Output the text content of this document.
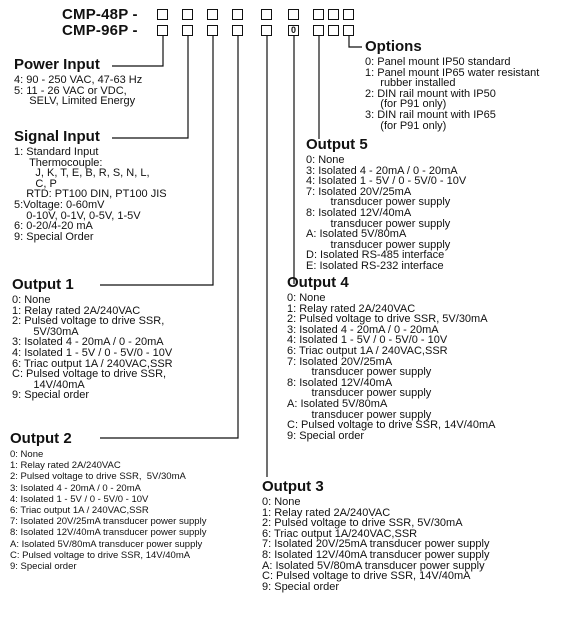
CMP-48P -
CMP-96P -	0
Options
0: Panel mount IP50 standard
1: Panel mount IP65 water resistant
rubber installed
2: DIN rail mount with IP50
(for P91 only)
3: DIN rail mount with IP65
(for P91 only)
Power Input
4: 90 - 250 VAC, 47-63 Hz
5: 11 - 26 VAC or VDC,
SELV, Limited Energy
Signal Input
1: Standard Input
Thermocouple:
J, K, T, E, B, R, S, N, L,
C, P
RTD: PT100 DIN, PT100 JIS
5:Voltage: 0-60mV
0-10V, 0-1V, 0-5V, 1-5V
6: 0-20/4-20 mA
9: Special Order
Output 5
0: None
3: Isolated 4 - 20mA / 0 - 20mA
4: Isolated 1 - 5V / 0 - 5V/0 - 10V
7: Isolated 20V/25mA
transducer power supply
8: Isolated 12V/40mA
transducer power supply
A: Isolated 5V/80mA
transducer power supply
D: Isolated RS-485 interface
E: Isolated RS-232 interface
Output 1
0: None
1: Relay rated 2A/240VAC
2: Pulsed voltage to drive SSR,
5V/30mA
3: Isolated 4 - 20mA / 0 - 20mA
4: Isolated 1 - 5V / 0 - 5V/0 - 10V
6: Triac output 1A / 240VAC,SSR
C: Pulsed voltage to drive SSR,
14V/40mA
9: Special order
Output 4
0: None
1: Relay rated 2A/240VAC
2: Pulsed voltage to drive SSR, 5V/30mA
3: Isolated 4 - 20mA / 0 - 20mA
4: Isolated 1 - 5V / 0 - 5V/0 - 10V
6: Triac output 1A / 240VAC,SSR
7: Isolated 20V/25mA
transducer power supply
8: Isolated 12V/40mA
transducer power supply
A: Isolated 5V/80mA
transducer power supply
C: Pulsed voltage to drive SSR, 14V/40mA
9: Special order
Output 2
0: None
1: Relay rated 2A/240VAC
2: Pulsed voltage to drive SSR,  5V/30mA
3: Isolated 4 - 20mA / 0 - 20mA
4: Isolated 1 - 5V / 0 - 5V/0 - 10V
6: Triac output 1A / 240VAC,SSR
7: Isolated 20V/25mA transducer power supply
8: Isolated 12V/40mA transducer power supply
A: Isolated 5V/80mA transducer power supply
C: Pulsed voltage to drive SSR, 14V/40mA
9: Special order
Output 3
0: None
1: Relay rated 2A/240VAC
2: Pulsed voltage to drive SSR, 5V/30mA
6: Triac output 1A/240VAC,SSR
7: Isolated 20V/25mA transducer power supply
8: Isolated 12V/40mA transducer power supply
A: Isolated 5V/80mA transducer power supply
C: Pulsed voltage to drive SSR, 14V/40mA
9: Special order
